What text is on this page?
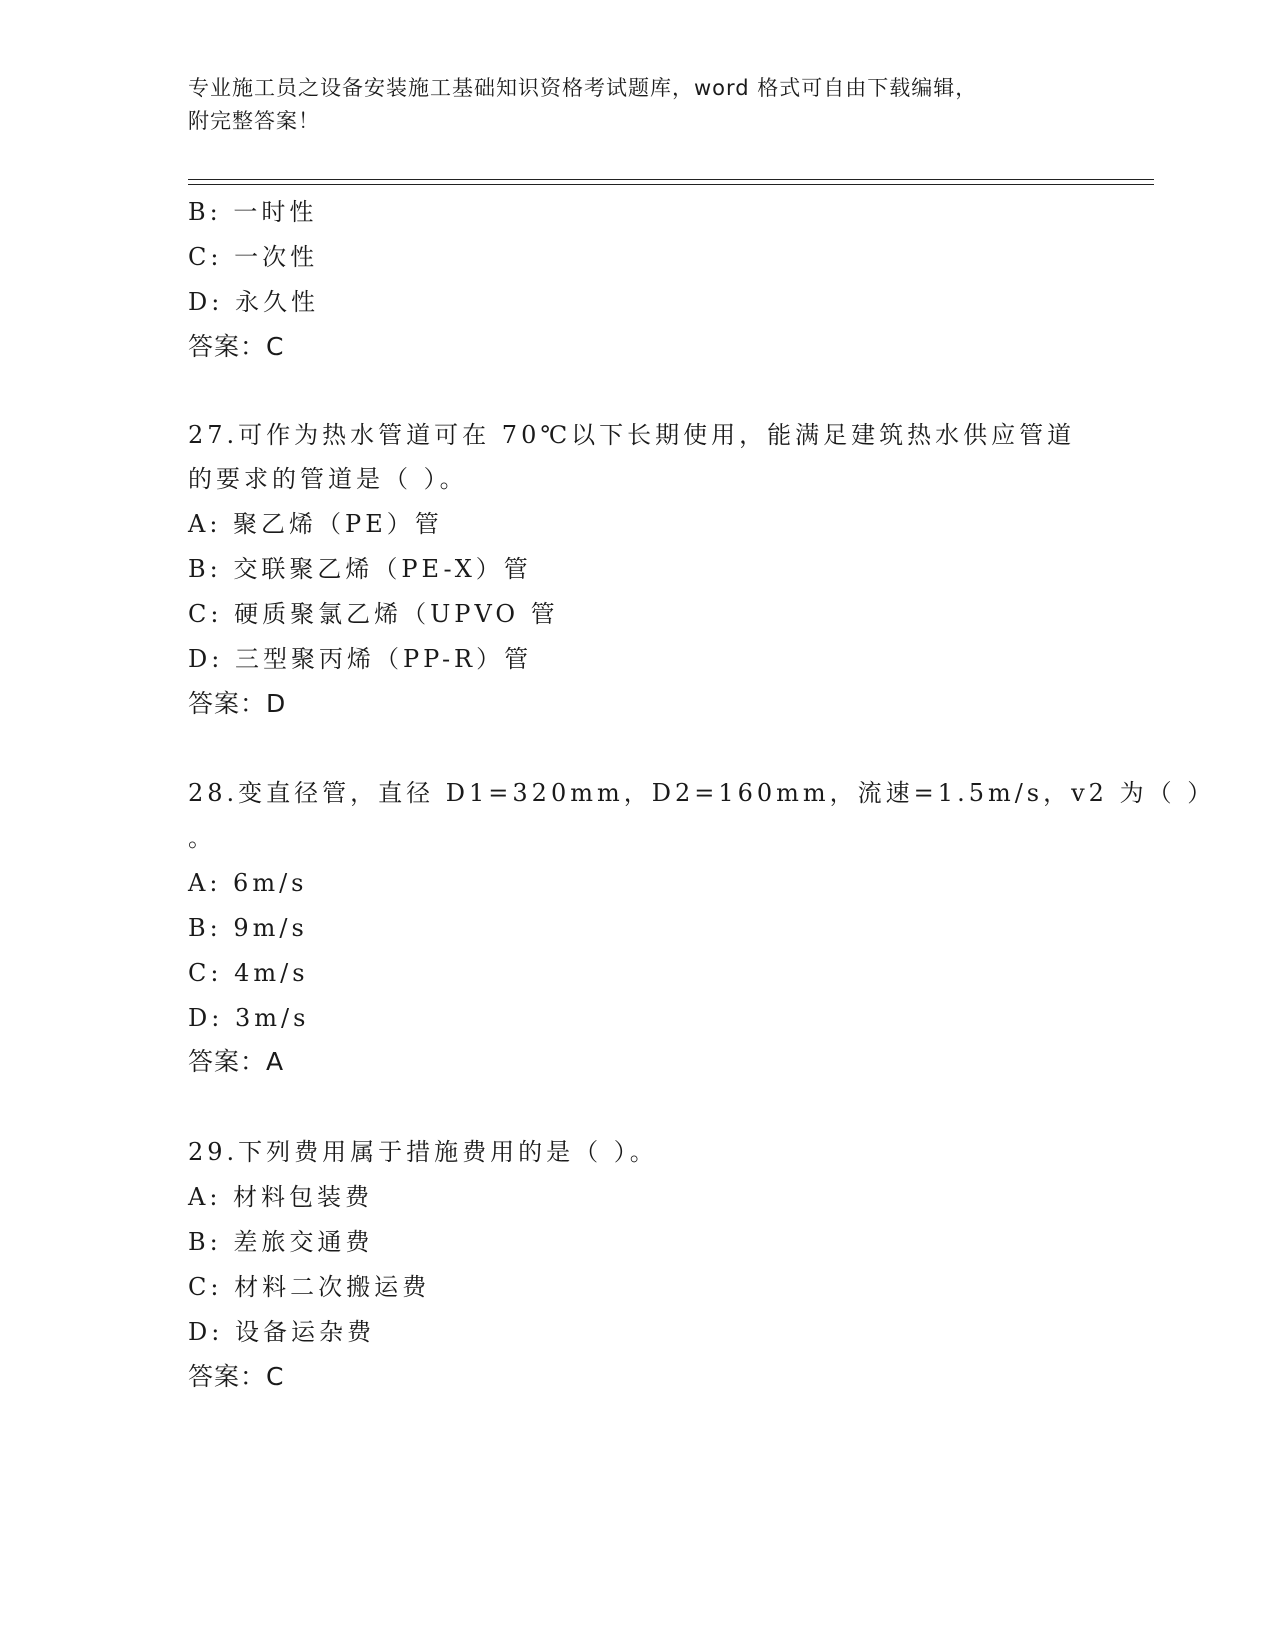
专业施工员之设备安装施工基础知识资格考试题库，word 格式可自由下载编辑，
附完整答案！
B: 一时性
C: 一次性
D: 永久性
答案：C
27.可作为热水管道可在 70℃以下长期使用，能满足建筑热水供应管道
的要求的管道是（ ）。
A: 聚乙烯（PE）管
B: 交联聚乙烯（PE-X）管
C: 硬质聚氯乙烯（UPVO 管
D: 三型聚丙烯（PP-R）管
答案：D
28.变直径管，直径 D1=320mm，D2=160mm，流速=1.5m/s，v2 为（ ）
。
A: 6m/s
B: 9m/s
C: 4m/s
D: 3m/s
答案：A
29.下列费用属于措施费用的是（ ）。
A: 材料包装费
B: 差旅交通费
C: 材料二次搬运费
D: 设备运杂费
答案：C
